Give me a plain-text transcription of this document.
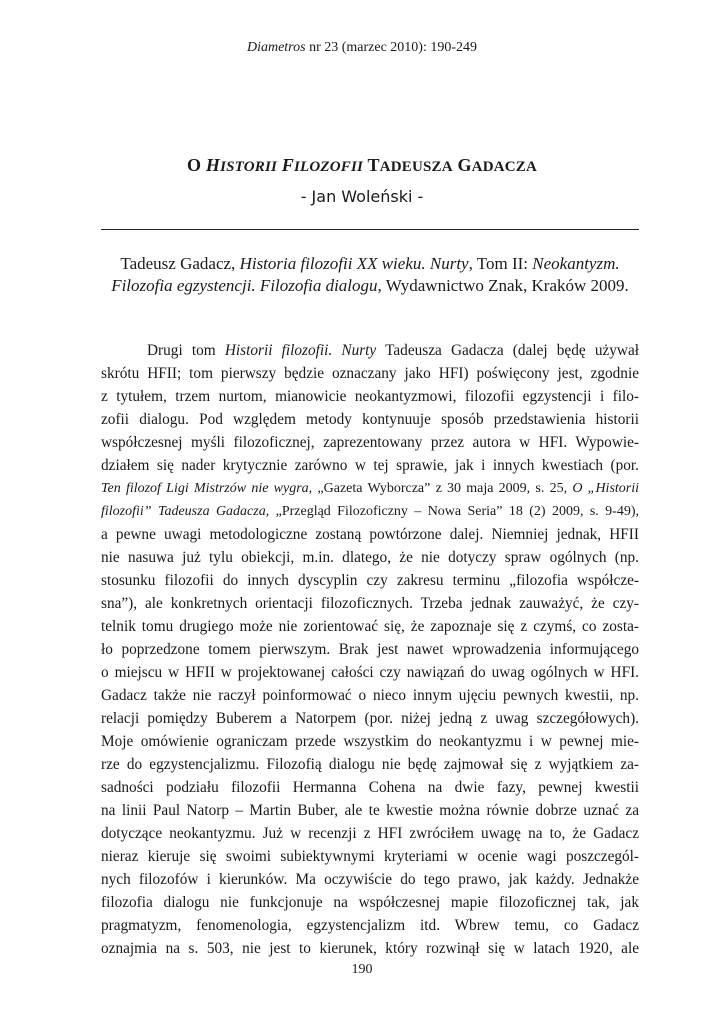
Diametros nr 23 (marzec 2010): 190-249
O HISTORII FILOZOFII TADEUSZA GADACZA
- Jan Woleński -
Tadeusz Gadacz, Historia filozofii XX wieku. Nurty, Tom II: Neokantyzm. Filozofia egzystencji. Filozofia dialogu, Wydawnictwo Znak, Kraków 2009.
Drugi tom Historii filozofii. Nurty Tadeusza Gadacza (dalej będę używał
skrótu HFII; tom pierwszy będzie oznaczany jako HFI) poświęcony jest, zgodnie
z tytułem, trzem nurtom, mianowicie neokantyzmowi, filozofii egzystencji i filo-
zofii dialogu. Pod względem metody kontynuuje sposób przedstawienia historii
współczesnej myśli filozoficznej, zaprezentowany przez autora w HFI. Wypowie-
działem się nader krytycznie zarówno w tej sprawie, jak i innych kwestiach (por.
Ten filozof Ligi Mistrzów nie wygra, „Gazeta Wyborcza” z 30 maja 2009, s. 25, O „Historii
filozofii” Tadeusza Gadacza, „Przegląd Filozoficzny – Nowa Seria” 18 (2) 2009, s. 9-49),
a pewne uwagi metodologiczne zostaną powtórzone dalej. Niemniej jednak, HFII
nie nasuwa już tylu obiekcji, m.in. dlatego, że nie dotyczy spraw ogólnych (np.
stosunku filozofii do innych dyscyplin czy zakresu terminu „filozofia współcze-
sna”), ale konkretnych orientacji filozoficznych. Trzeba jednak zauważyć, że czy-
telnik tomu drugiego może nie zorientować się, że zapoznaje się z czymś, co zosta-
ło poprzedzone tomem pierwszym. Brak jest nawet wprowadzenia informującego
o miejscu w HFII w projektowanej całości czy nawiązań do uwag ogólnych w HFI.
Gadacz także nie raczył poinformować o nieco innym ujęciu pewnych kwestii, np.
relacji pomiędzy Buberem a Natorpem (por. niżej jedną z uwag szczegółowych).
Moje omówienie ograniczam przede wszystkim do neokantyzmu i w pewnej mie-
rze do egzystencjalizmu. Filozofią dialogu nie będę zajmował się z wyjątkiem za-
sadności podziału filozofii Hermanna Cohena na dwie fazy, pewnej kwestii
na linii Paul Natorp – Martin Buber, ale te kwestie można równie dobrze uznać za
dotyczące neokantyzmu. Już w recenzji z HFI zwróciłem uwagę na to, że Gadacz
nieraz kieruje się swoimi subiektywnymi kryteriami w ocenie wagi poszczegól-
nych filozofów i kierunków. Ma oczywiście do tego prawo, jak każdy. Jednakże
filozofia dialogu nie funkcjonuje na współczesnej mapie filozoficznej tak, jak
pragmatyzm, fenomenologia, egzystencjalizm itd. Wbrew temu, co Gadacz
oznajmia na s. 503, nie jest to kierunek, który rozwinął się w latach 1920, ale
190
